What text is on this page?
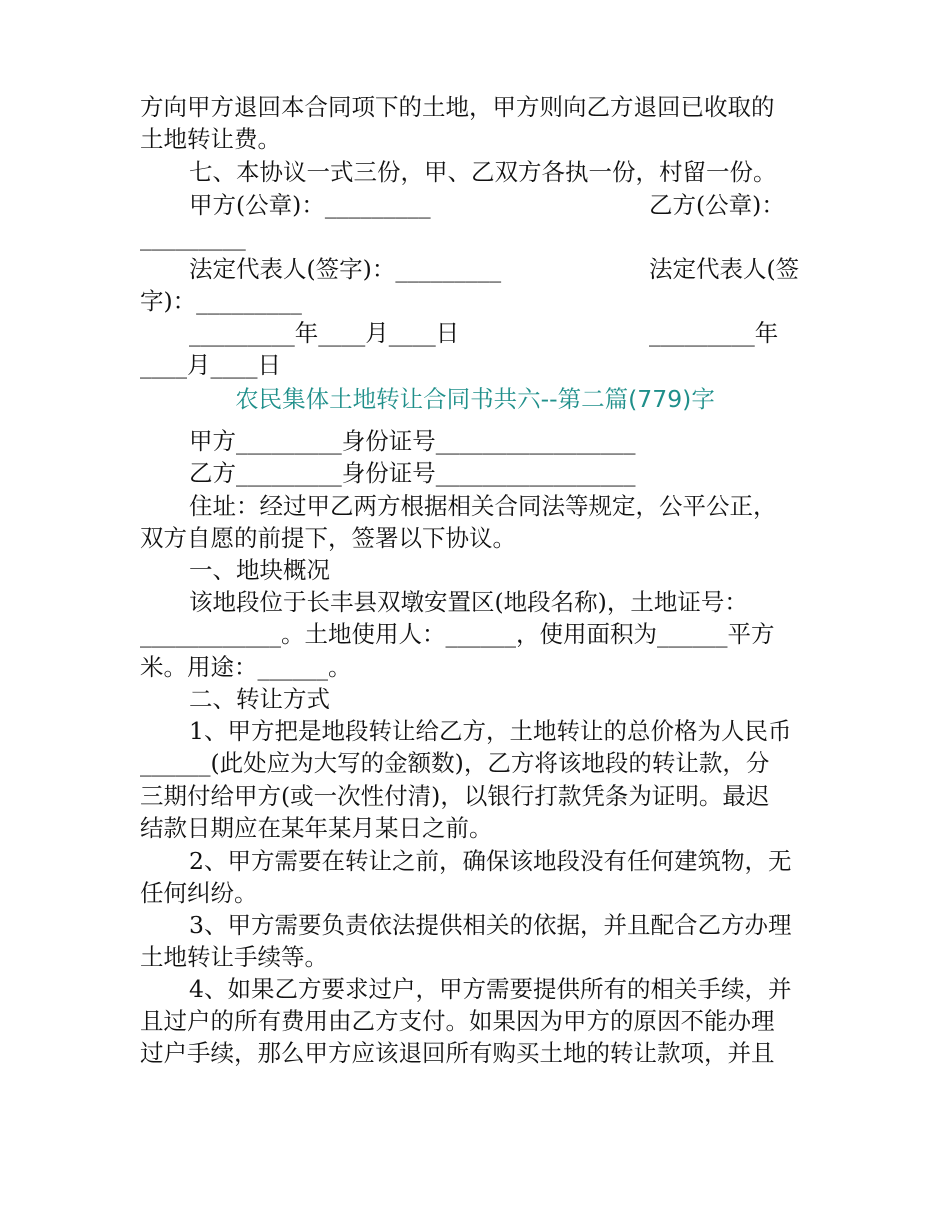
方向甲方退回本合同项下的土地，甲方则向乙方退回已收取的
土地转让费。
七、本协议一式三份，甲、乙双方各执一份，村留一份。
甲方(公章)：_________	乙方(公章)：
_________
法定代表人(签字)：_________	法定代表人(签
字)：_________
_________年____月____日	_________年
____月____日
农民集体土地转让合同书共六--第二篇(779)字
甲方_________身份证号_________________
乙方_________身份证号_________________
住址：经过甲乙两方根据相关合同法等规定，公平公正，
双方自愿的前提下，签署以下协议。
一、地块概况
该地段位于长丰县双墩安置区(地段名称)，土地证号：
____________。土地使用人：______，使用面积为______平方
米。用途：______。
二、转让方式
1、甲方把是地段转让给乙方，土地转让的总价格为人民币
______(此处应为大写的金额数)，乙方将该地段的转让款，分
三期付给甲方(或一次性付清)，以银行打款凭条为证明。最迟
结款日期应在某年某月某日之前。
2、甲方需要在转让之前，确保该地段没有任何建筑物，无
任何纠纷。
3、甲方需要负责依法提供相关的依据，并且配合乙方办理
土地转让手续等。
4、如果乙方要求过户，甲方需要提供所有的相关手续，并
且过户的所有费用由乙方支付。如果因为甲方的原因不能办理
过户手续，那么甲方应该退回所有购买土地的转让款项，并且
